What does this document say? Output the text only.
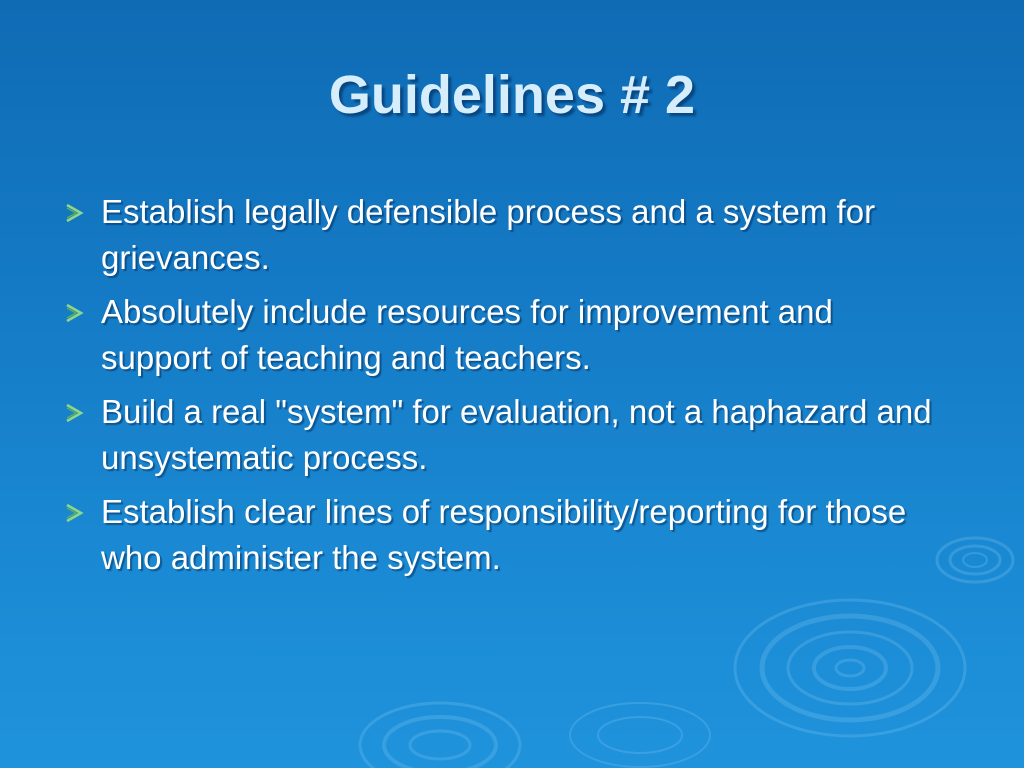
Guidelines # 2
Establish legally defensible process and a system for grievances.
Absolutely include resources for improvement and support of teaching and teachers.
Build a real "system" for evaluation, not a haphazard and unsystematic process.
Establish clear lines of responsibility/reporting for those who administer the system.
